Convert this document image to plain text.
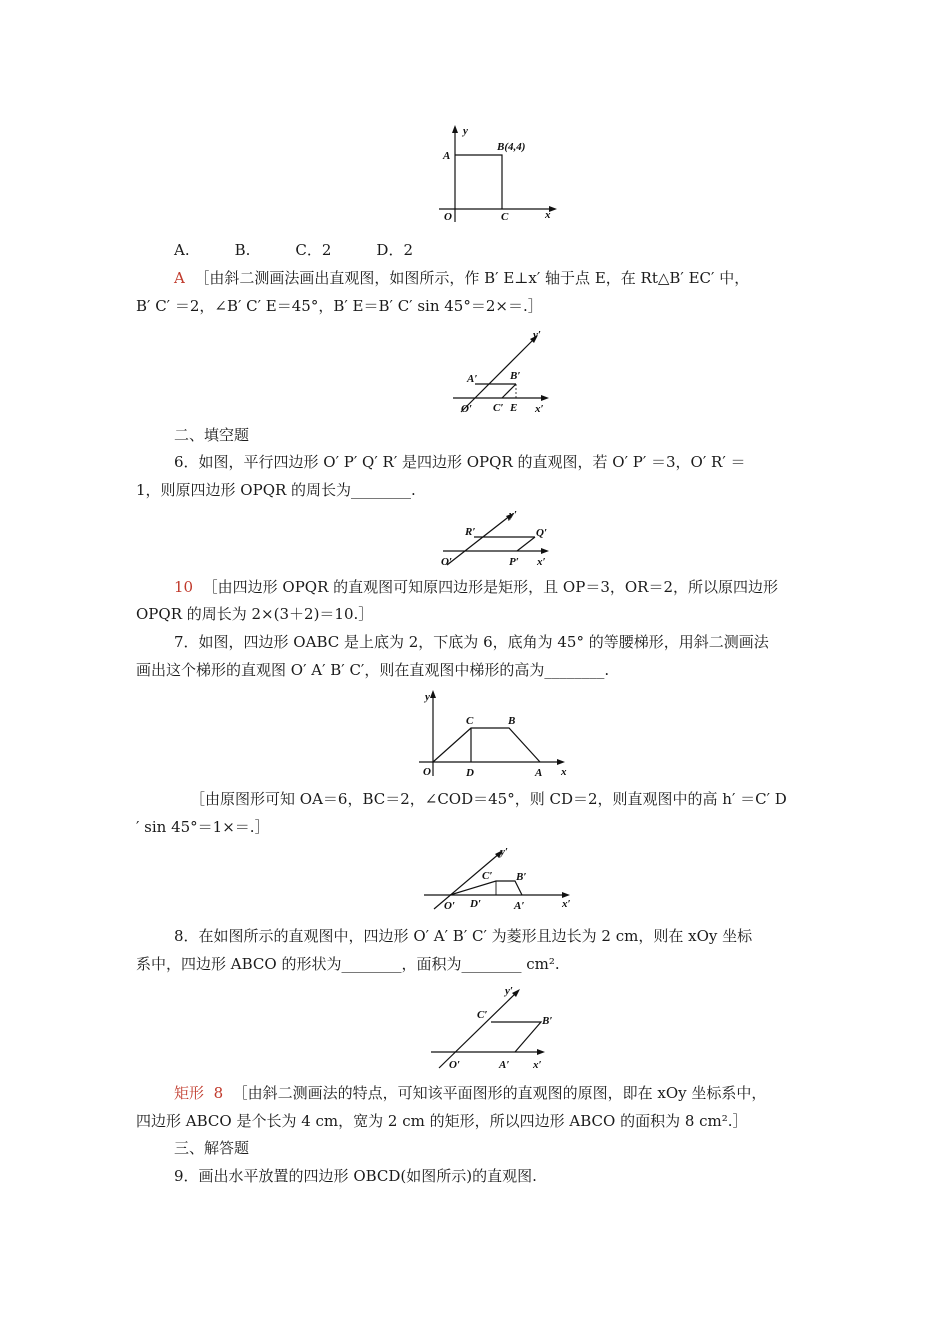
y
A
B(4,4)
O	C	x
A.　　　B.　　　C．2　　　D．2
A ［由斜二测画法画出直观图，如图所示，作 B′ E⊥x′ 轴于点 E，在 Rt△B′ EC′ 中，
B′ C′ ＝2，∠B′ C′ E＝45°，B′ E＝B′ C′ sin 45°＝2×＝.］
y′
A′	B′
O′ C′ E x′
二、填空题
6．如图，平行四边形 O′ P′ Q′ R′ 是四边形 OPQR 的直观图，若 O′ P′ ＝3，O′ R′ ＝
1，则原四边形 OPQR 的周长为________.
y′
R′	Q′
O′	P′ x′
10 ［由四边形 OPQR 的直观图可知原四边形是矩形，且 OP＝3，OR＝2，所以原四边形
OPQR 的周长为 2×(3＋2)＝10.］
7．如图，四边形 OABC 是上底为 2，下底为 6，底角为 45° 的等腰梯形，用斜二测画法
画出这个梯形的直观图 O′ A′ B′ C′，则在直观图中梯形的高为________.
y
C	B
O	D	A x
［由原图形可知 OA＝6，BC＝2，∠COD＝45°，则 CD＝2，则直观图中的高 h′ ＝C′ D
′ sin 45°＝1×＝.］
y′
C′ B′
O′ D′	A′	x′
8．在如图所示的直观图中，四边形 O′ A′ B′ C′ 为菱形且边长为 2 cm，则在 xOy 坐标
系中，四边形 ABCO 的形状为________，面积为________ cm².
y′
C′	B′
O′	A′ x′
矩形 8 ［由斜二测画法的特点，可知该平面图形的直观图的原图，即在 xOy 坐标系中，
四边形 ABCO 是个长为 4 cm，宽为 2 cm 的矩形，所以四边形 ABCO 的面积为 8 cm².］
三、解答题
9．画出水平放置的四边形 OBCD(如图所示)的直观图.
